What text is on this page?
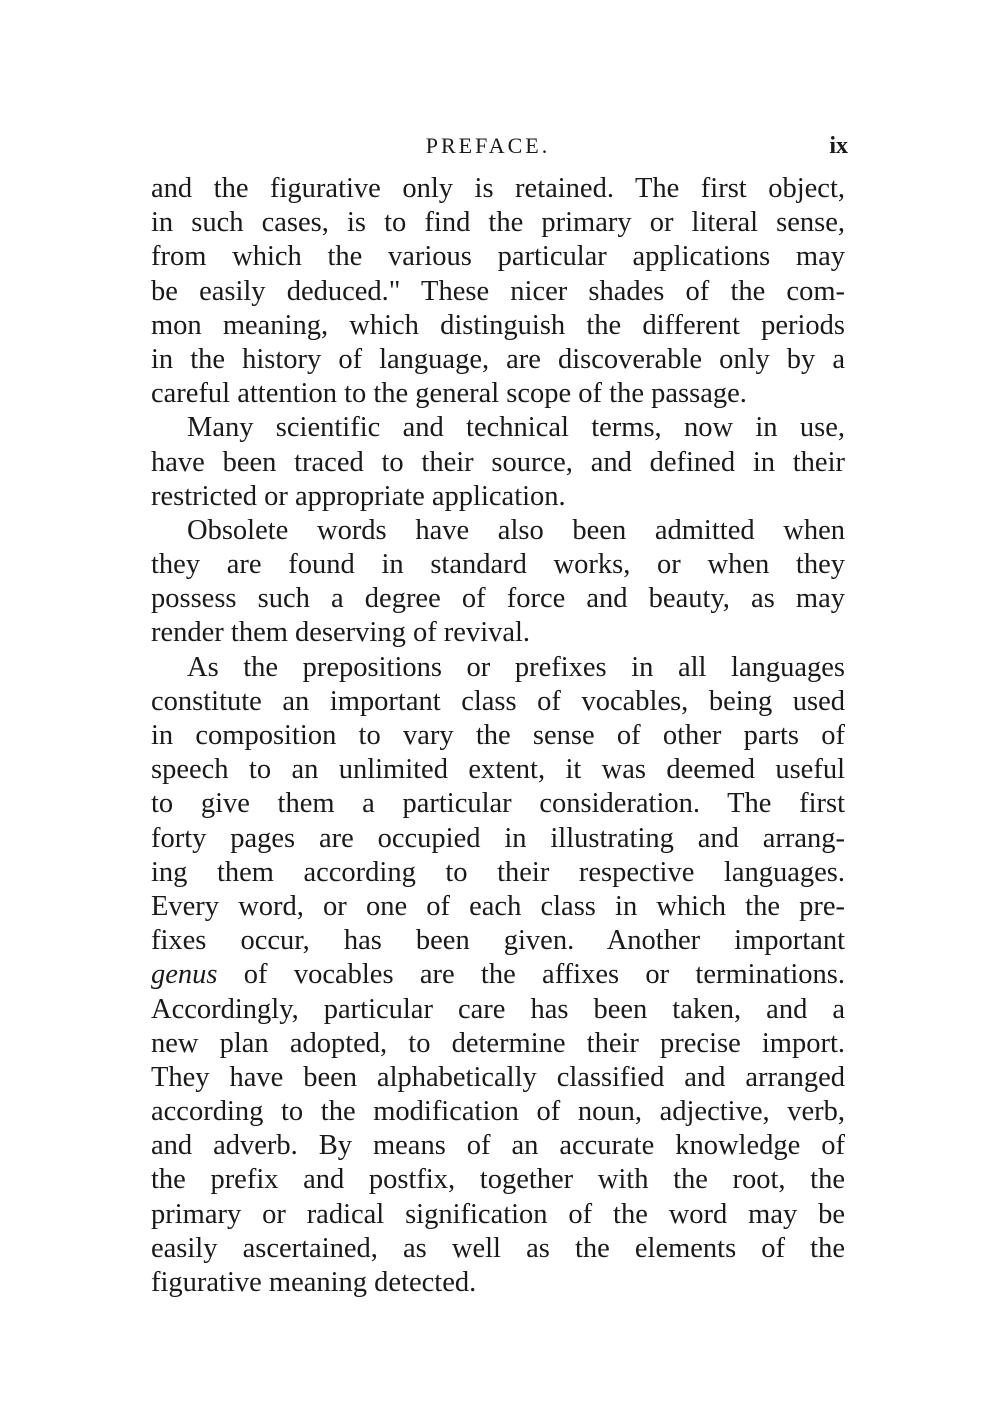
PREFACE.	ix
and the figurative only is retained. The first object,
in such cases, is to find the primary or literal sense,
from which the various particular applications may
be easily deduced." These nicer shades of the com-
mon meaning, which distinguish the different periods
in the history of language, are discoverable only by a
careful attention to the general scope of the passage.
Many scientific and technical terms, now in use,
have been traced to their source, and defined in their
restricted or appropriate application.
Obsolete words have also been admitted when
they are found in standard works, or when they
possess such a degree of force and beauty, as may
render them deserving of revival.
As the prepositions or prefixes in all languages
constitute an important class of vocables, being used
in composition to vary the sense of other parts of
speech to an unlimited extent, it was deemed useful
to give them a particular consideration. The first
forty pages are occupied in illustrating and arrang-
ing them according to their respective languages.
Every word, or one of each class in which the pre-
fixes occur, has been given. Another important
genus of vocables are the affixes or terminations.
Accordingly, particular care has been taken, and a
new plan adopted, to determine their precise import.
They have been alphabetically classified and arranged
according to the modification of noun, adjective, verb,
and adverb. By means of an accurate knowledge of
the prefix and postfix, together with the root, the
primary or radical signification of the word may be
easily ascertained, as well as the elements of the
figurative meaning detected.
